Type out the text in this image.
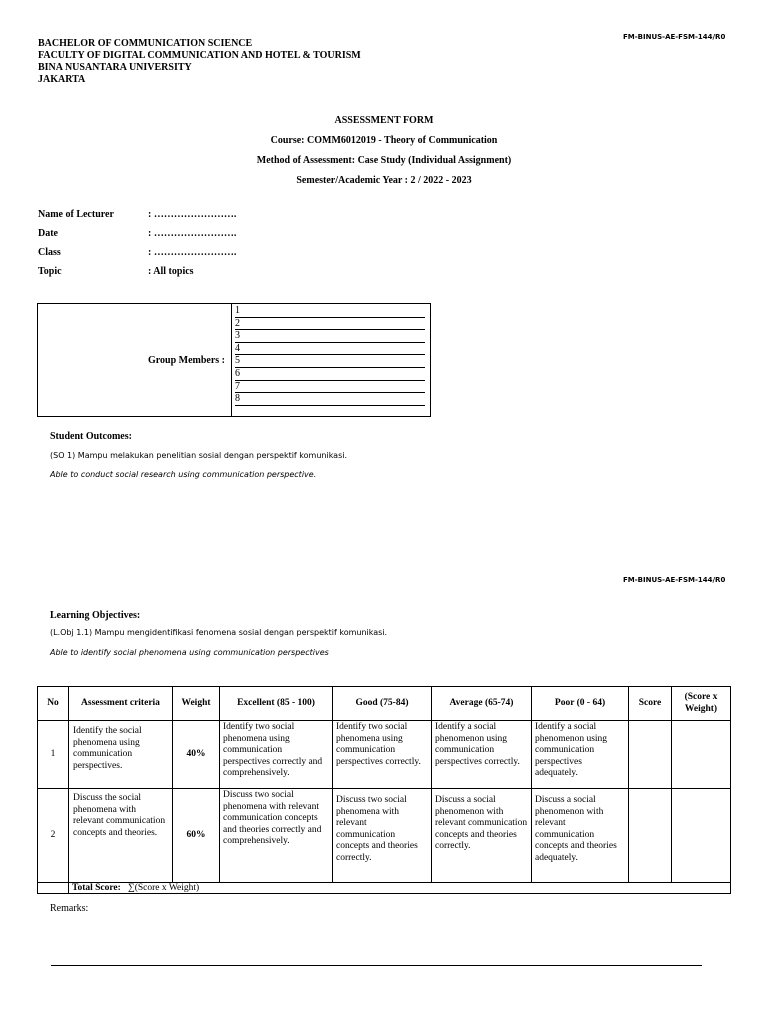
FM-BINUS-AE-FSM-144/R0
BACHELOR OF COMMUNICATION SCIENCE
FACULTY OF DIGITAL COMMUNICATION AND HOTEL & TOURISM
BINA NUSANTARA UNIVERSITY
JAKARTA
ASSESSMENT FORM
Course: COMM6012019 - Theory of Communication
Method of Assessment: Case Study (Individual Assignment)
Semester/Academic Year : 2 / 2022 - 2023
Name of Lecturer	: …………………….
Date	: …………………….
Class	: …………………….
Topic	: All topics
Group Members :
1
2
3
4
5
6
7
8
Student Outcomes:
(SO 1) Mampu melakukan penelitian sosial dengan perspektif komunikasi.
Able to conduct social research using communication perspective.
FM-BINUS-AE-FSM-144/R0
Learning Objectives:
(L.Obj 1.1) Mampu mengidentifikasi fenomena sosial dengan perspektif komunikasi.
Able to identify social phenomena using communication perspectives
No	Assessment criteria	Weight	Excellent (85 - 100)	Good (75-84)	Average (65-74)	Poor (0 - 64)	Score	(Score x Weight)
1	Identify the social phenomena using communication perspectives.	40%	Identify two social phenomena using communication perspectives correctly and comprehensively.	Identify two social phenomena using communication perspectives correctly.	Identify a social phenomenon using communication perspectives correctly.	Identify a social phenomenon using communication perspectives adequately.		
2	Discuss the social phenomena with relevant communication concepts and theories.	60%	Discuss two social phenomena with relevant communication concepts and theories correctly and comprehensively.	Discuss two social phenomena with relevant communication concepts and theories correctly.	Discuss a social phenomenon with relevant communication concepts and theories correctly.	Discuss a social phenomenon with relevant communication concepts and theories adequately.		
	Total Score: ∑(Score x Weight)							
Remarks:
